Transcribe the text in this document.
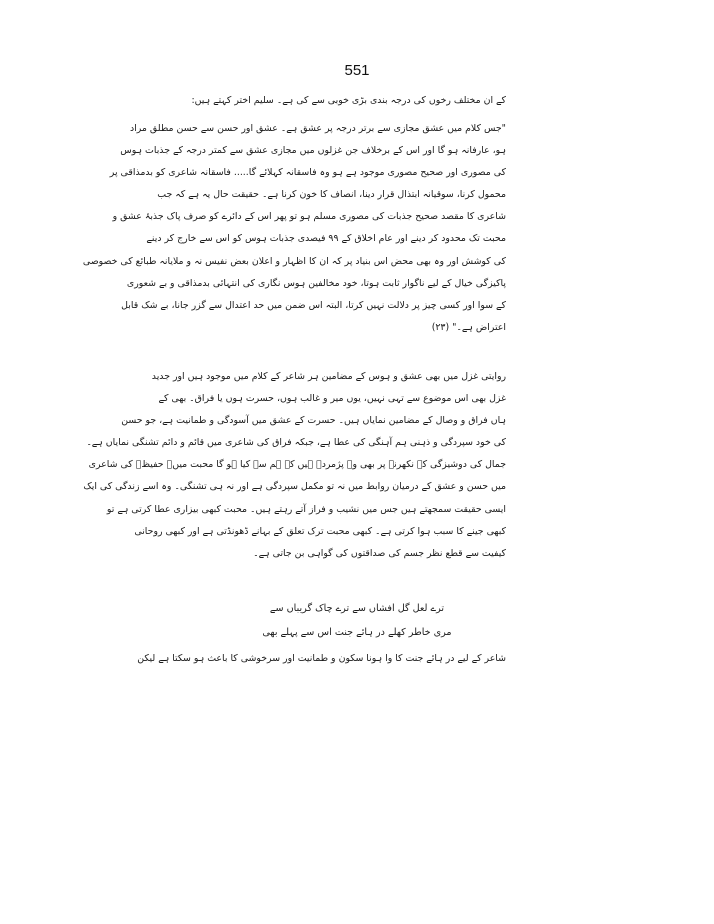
551
کے ان مختلف رخوں کی درجہ بندی بڑی خوبی سے کی ہے۔ سلیم اختر کہتے ہیں:
"جس کلام میں عشق مجازی سے برتر درجہ پر عشق ہے۔ عشق اور حسن سے حسن مطلق مراد
ہو، عارفانہ ہو گا اور اس کے برخلاف جن غزلوں میں مجازی عشق سے کمتر درجہ کے جذبات ہوس
کی مصوری اور صحیح مصوری موجود ہے ہو وہ فاسقانہ کہلائے گا..... فاسقانہ شاعری کو بدمذاقی پر
محمول کرنا، سوقیانہ ابتذال قرار دینا، انصاف کا خون کرنا ہے۔ حقیقت حال یہ ہے کہ جب
شاعری کا مقصد صحیح جذبات کی مصوری مسلم ہو تو پھر اس کے دائرے کو صرف پاک جذبۂ عشق و
محبت تک محدود کر دینے اور عام اخلاق کے ۹۹ فیصدی جذبات ہوس کو اس سے خارج کر دینے
کی کوشش اور وہ بھی محض اس بنیاد پر کہ ان کا اظہار و اعلان بعض نفیس نہ و ملایانہ طبائع کی خصوصی
پاکیزگی خیال کے لیے ناگوار ثابت ہوتا، خود مخالفین ہوس نگاری کی انتہائی بدمذاقی و بے شعوری
کے سوا اور کسی چیز پر دلالت نہیں کرتا، البتہ اس ضمن میں حد اعتدال سے گزر جانا، بے شک قابل
اعتراض ہے۔" (۲۳)
روایتی غزل میں بھی عشق و ہوس کے مضامین ہر شاعر کے کلام میں موجود ہیں اور جدید
غزل بھی اس موضوع سے تہی نہیں، یوں میر و غالب ہوں، حسرت ہوں یا فراق۔ بھی کے
ہاں فراق و وصال کے مضامین نمایاں ہیں۔ حسرت کے عشق میں آسودگی و طمانیت ہے، جو حسن
کی خود سپردگی و ذہنی ہم آہنگی کی عطا ہے، جبکہ فراق کی شاعری میں قائم و دائم تشنگی نمایاں ہے۔
جمال کی دوشیزگی کے نکھرنے پر بھی وہ پژمردہ ہیں کہ ہم سے کیا ہو گا محبت میں۔ حفیظؔ کی شاعری
میں حسن و عشق کے درمیان روابط میں نہ تو مکمل سپردگی ہے اور نہ ہی تشنگی۔ وہ اسے زندگی کی ایک
ایسی حقیقت سمجھتے ہیں جس میں نشیب و فراز آتے رہتے ہیں۔ محبت کبھی بیزاری عطا کرتی ہے تو
کبھی جینے کا سبب ہوا کرتی ہے۔ کبھی محبت ترک تعلق کے بہانے ڈھونڈتی ہے اور کبھی روحانی
کیفیت سے قطع نظر جسم کی صداقتوں کی گواہی بن جاتی ہے۔
ترے لعل گل افشاں سے ترے چاک گریباں سے
مری خاطر کھلے در ہائے جنت اس سے پہلے بھی
شاعر کے لیے در ہائے جنت کا وا ہونا سکون و طمانیت اور سرخوشی کا باعث ہو سکتا ہے لیکن
